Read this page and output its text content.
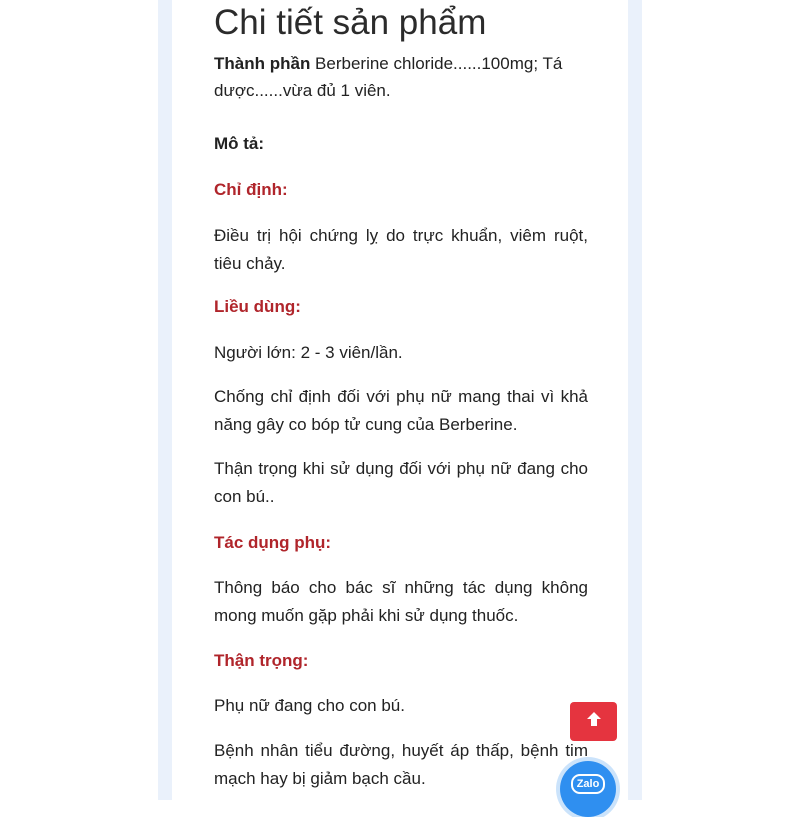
Chi tiết sản phẩm

Thành phần Berberine chloride......100mg; Tá dược......vừa đủ 1 viên.

Mô tả:

Chỉ định:

Điều trị hội chứng lỵ do trực khuẩn, viêm ruột, tiêu chảy.

Liều dùng:

Người lớn: 2 - 3 viên/lần.

Chống chỉ định đối với phụ nữ mang thai vì khả năng gây co bóp tử cung của Berberine.

Thận trọng khi sử dụng đối với phụ nữ đang cho con bú..

Tác dụng phụ:

Thông báo cho bác sĩ những tác dụng không mong muốn gặp phải khi sử dụng thuốc.

Thận trọng:

Phụ nữ đang cho con bú.

Bệnh nhân tiểu đường, huyết áp thấp, bệnh tim mạch hay bị giảm bạch cầu.	Zalo
